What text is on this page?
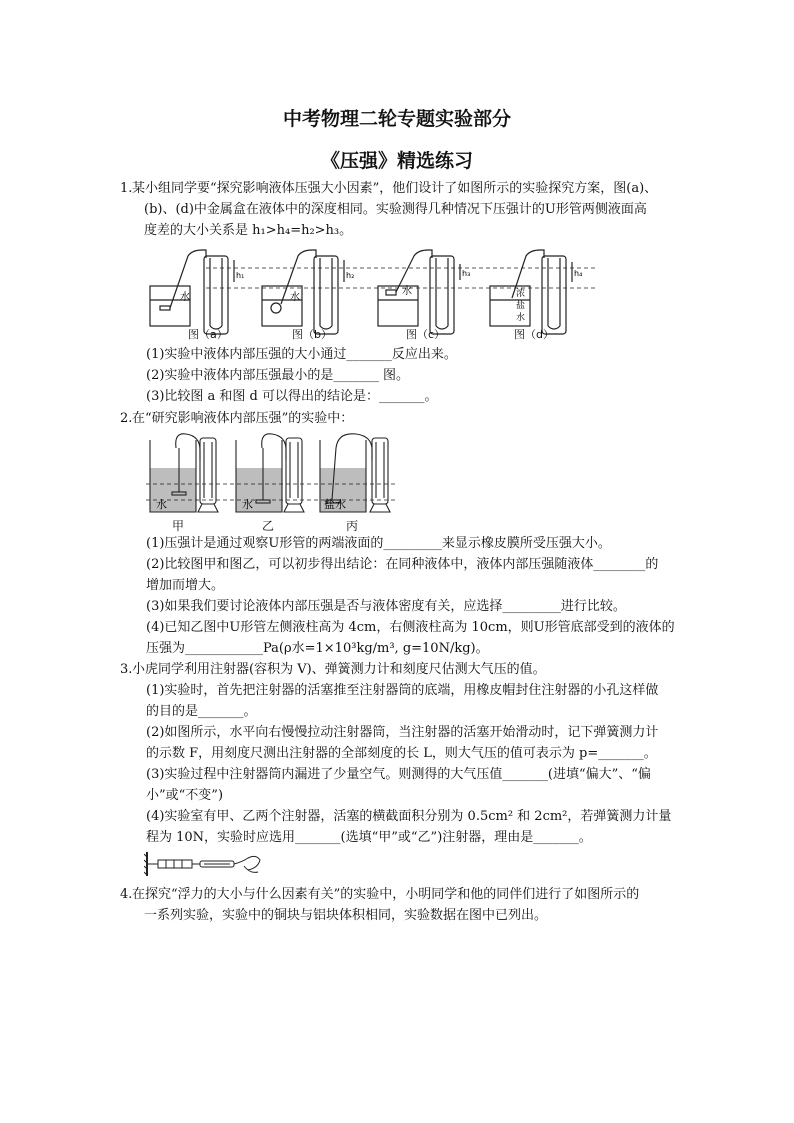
中考物理二轮专题实验部分
《压强》精选练习
1. 某小组同学要“探究影响液体压强大小因素”，他们设计了如图所示的实验探究方案，图(a)、
(b)、(d)中金属盒在液体中的深度相同。实验测得几种情况下压强计的U形管两侧液面高
度差的大小关系是 h₁>h₄=h₂>h₃。
水	水
水	浓
盐
水
h₁	h₂	h₃	h₄
图（a）	图（b）	图（c）	图（d）
(1)实验中液体内部压强的大小通过_______反应出来。
(2)实验中液体内部压强最小的是_______ 图。
(3)比较图 a 和图 d 可以得出的结论是：_______。
2. 在“研究影响液体内部压强”的实验中：
水	水	盐水
甲	乙	丙
(1)压强计是通过观察U形管的两端液面的_________来显示橡皮膜所受压强大小。
(2)比较图甲和图乙，可以初步得出结论：在同种液体中，液体内部压强随液体________的
增加而增大。
(3)如果我们要讨论液体内部压强是否与液体密度有关，应选择_________进行比较。
(4)已知乙图中U形管左侧液柱高为 4cm，右侧液柱高为 10cm，则U形管底部受到的液体的
压强为____________Pa(ρ水=1×10³kg/m³, g=10N/kg)。
3. 小虎同学利用注射器(容积为 V)、弹簧测力计和刻度尺估测大气压的值。
(1)实验时，首先把注射器的活塞推至注射器筒的底端，用橡皮帽封住注射器的小孔这样做
的目的是_______。
(2)如图所示，水平向右慢慢拉动注射器筒，当注射器的活塞开始滑动时，记下弹簧测力计
的示数 F，用刻度尺测出注射器的全部刻度的长 L，则大气压的值可表示为 p=_______。
(3)实验过程中注射器筒内漏进了少量空气。则测得的大气压值_______(进填“偏大”、“偏
小”或“不变”)
(4)实验室有甲、乙两个注射器，活塞的横截面积分别为 0.5cm² 和 2cm²，若弹簧测力计量
程为 10N，实验时应选用_______(选填“甲”或“乙”)注射器，理由是_______。
4. 在探究“浮力的大小与什么因素有关”的实验中，小明同学和他的同伴们进行了如图所示的
一系列实验，实验中的铜块与铝块体积相同，实验数据在图中已列出。
